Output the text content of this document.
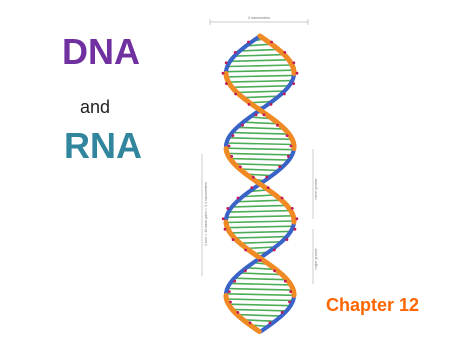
DNA
and
RNA
2 nanometers
1 turn = 10 base pairs = 3.4 nanometers	minor groove
major groove
Chapter 12
